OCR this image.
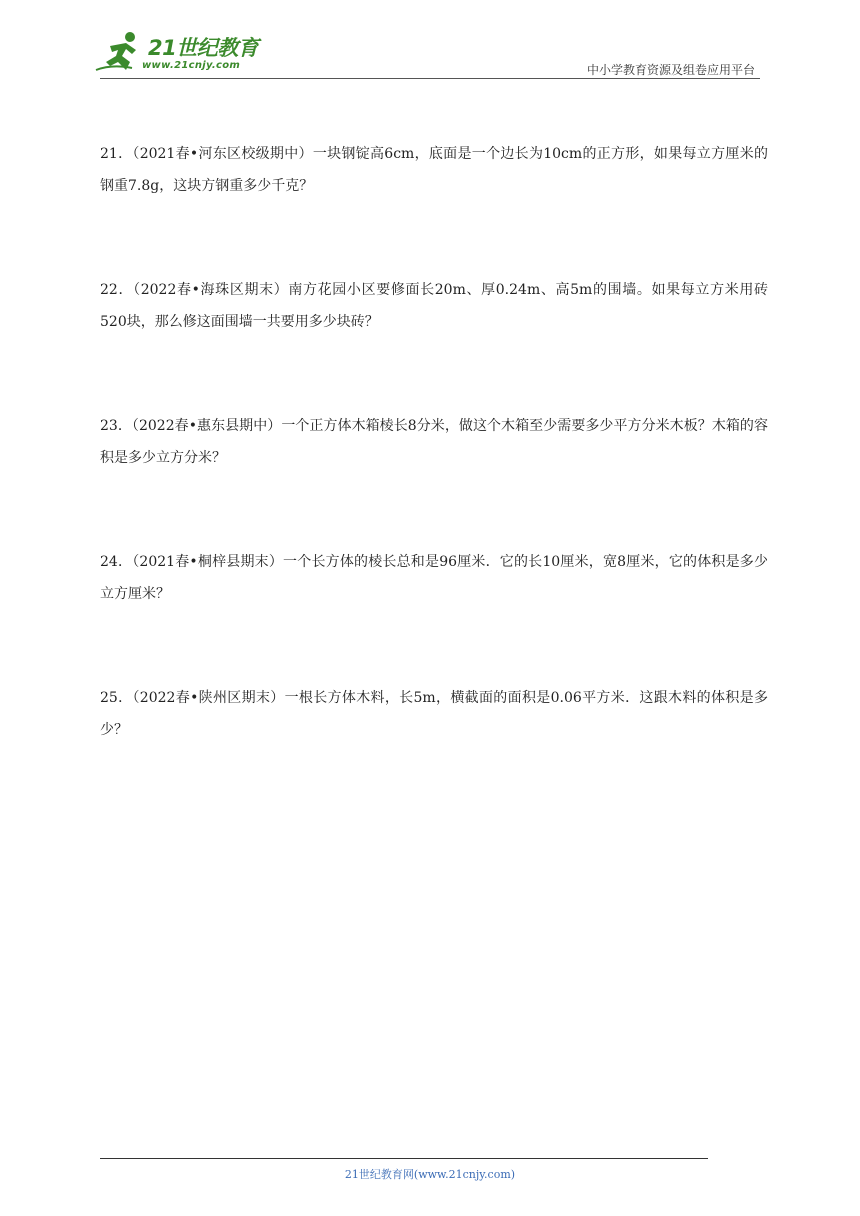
21世纪教育
www.21cnjy.com	中小学教育资源及组卷应用平台

21．（2021春•河东区校级期中）一块钢锭高6cm，底面是一个边长为10cm的正方形，如果每立方厘米的钢重7.8g，这块方钢重多少千克？

22．（2022春•海珠区期末）南方花园小区要修面长20m、厚0.24m、高5m的围墙。如果每立方米用砖520块，那么修这面围墙一共要用多少块砖？

23．（2022春•惠东县期中）一个正方体木箱棱长8分米，做这个木箱至少需要多少平方分米木板？木箱的容积是多少立方分米？

24．（2021春•桐梓县期末）一个长方体的棱长总和是96厘米．它的长10厘米，宽8厘米，它的体积是多少立方厘米？

25．（2022春•陕州区期末）一根长方体木料，长5m，横截面的面积是0.06平方米．这跟木料的体积是多少？

21世纪教育网(www.21cnjy.com)
